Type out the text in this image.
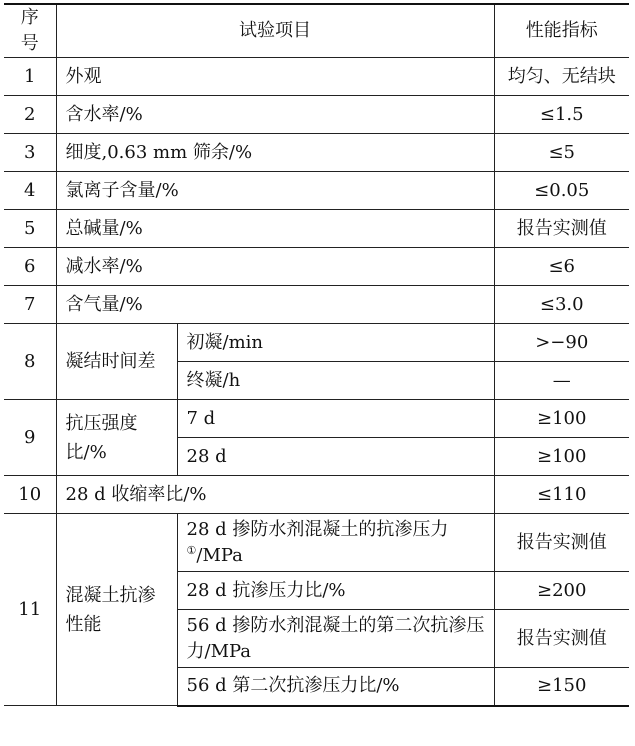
序号	试验项目		性能指标
1	外观		均匀、无结块
2	含水率/%		≤1.5
3	细度,0.63 mm 筛余/%		≤5
4	氯离子含量/%		≤0.05
5	总碱量/%		报告实测值
6	减水率/%		≤6
7	含气量/%		≤3.0
8	凝结时间差	初凝/min	>−90
		终凝/h	—
9	抗压强度比/%	7 d	≥100
		28 d	≥100
10	28 d 收缩率比/%		≤110
11	混凝土抗渗性能	28 d 掺防水剂混凝土的抗渗压力①/MPa	报告实测值
		28 d 抗渗压力比/%	≥200
		56 d 掺防水剂混凝土的第二次抗渗压力/MPa	报告实测值
		56 d 第二次抗渗压力比/%	≥150
